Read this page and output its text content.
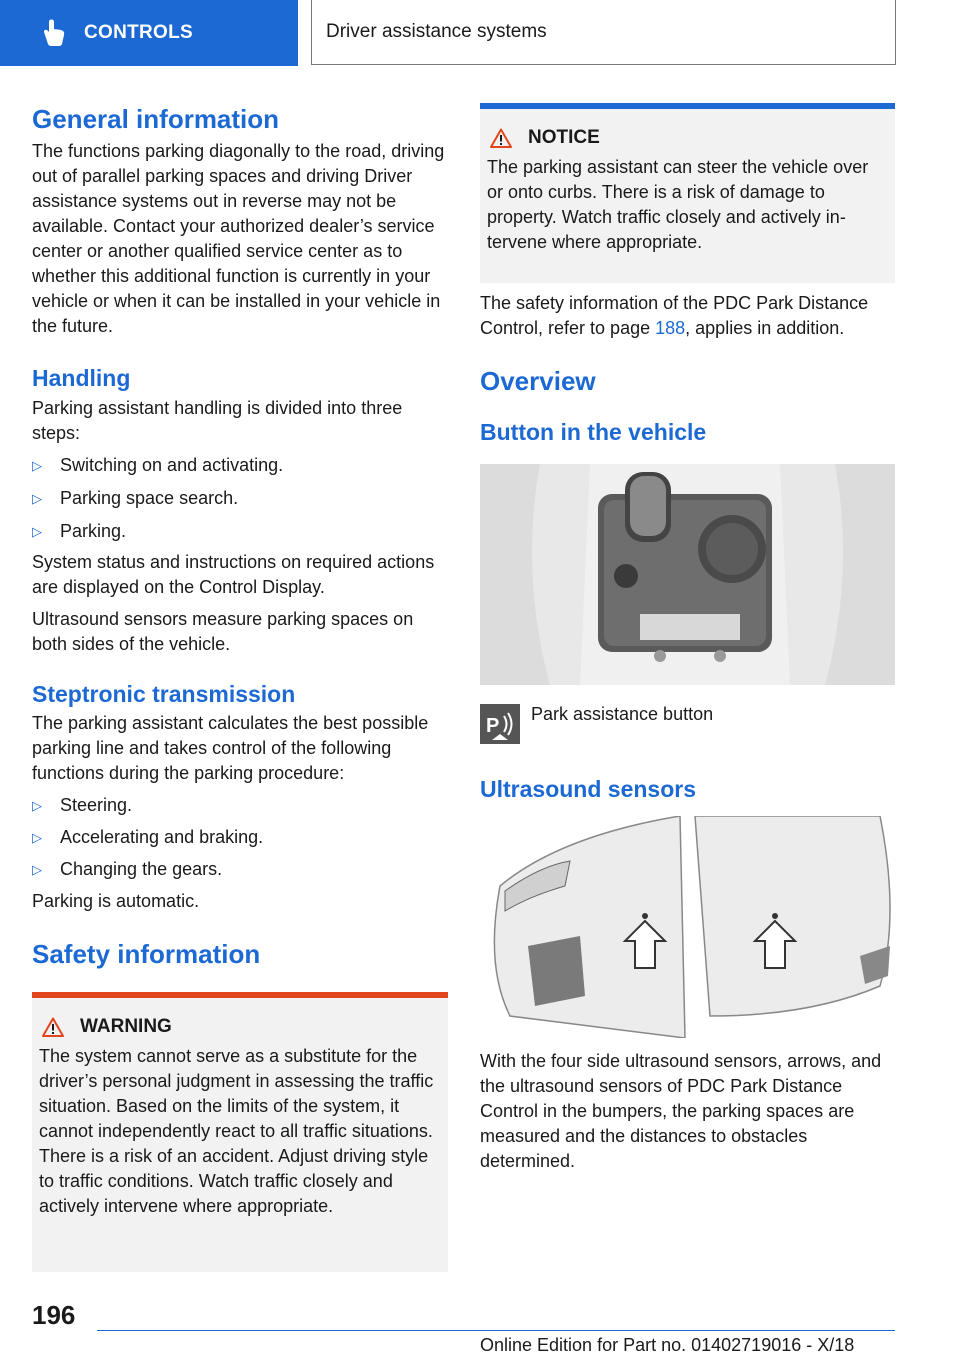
CONTROLS	Driver assistance systems
General information

The functions parking diagonally to the road, driving out of parallel parking spaces and driving Driver assistance systems out in reverse may not be available. Contact your authorized dealer’s service center or another qualified service center as to whether this additional function is currently in your vehicle or when it can be installed in your vehicle in the future.

Handling

Parking assistant handling is divided into three steps:

▷	Switching on and activating.
▷	Parking space search.
▷	Parking.

System status and instructions on required actions are displayed on the Control Display.

Ultrasound sensors measure parking spaces on both sides of the vehicle.

Steptronic transmission

The parking assistant calculates the best possible parking line and takes control of the following functions during the parking procedure:

▷	Steering.
▷	Accelerating and braking.
▷	Changing the gears.

Parking is automatic.

Safety information
WARNING

The system cannot serve as a substitute for the driver’s personal judgment in assessing the traffic situation. Based on the limits of the system, it cannot independently react to all traffic situations. There is a risk of an accident. Adjust driving style to traffic conditions. Watch traffic closely and actively intervene where appropriate.

NOTICE

The parking assistant can steer the vehicle over or onto curbs. There is a risk of damage to property. Watch traffic closely and actively intervene where appropriate.

The safety information of the PDC Park Distance Control, refer to page 188, applies in addition.

Overview
Button in the vehicle
P
Park assistance button
Ultrasound sensors

With the four side ultrasound sensors, arrows, and the ultrasound sensors of PDC Park Distance Control in the bumpers, the parking spaces are measured and the distances to obstacles determined.

196
Online Edition for Part no. 01402719016 - X/18
